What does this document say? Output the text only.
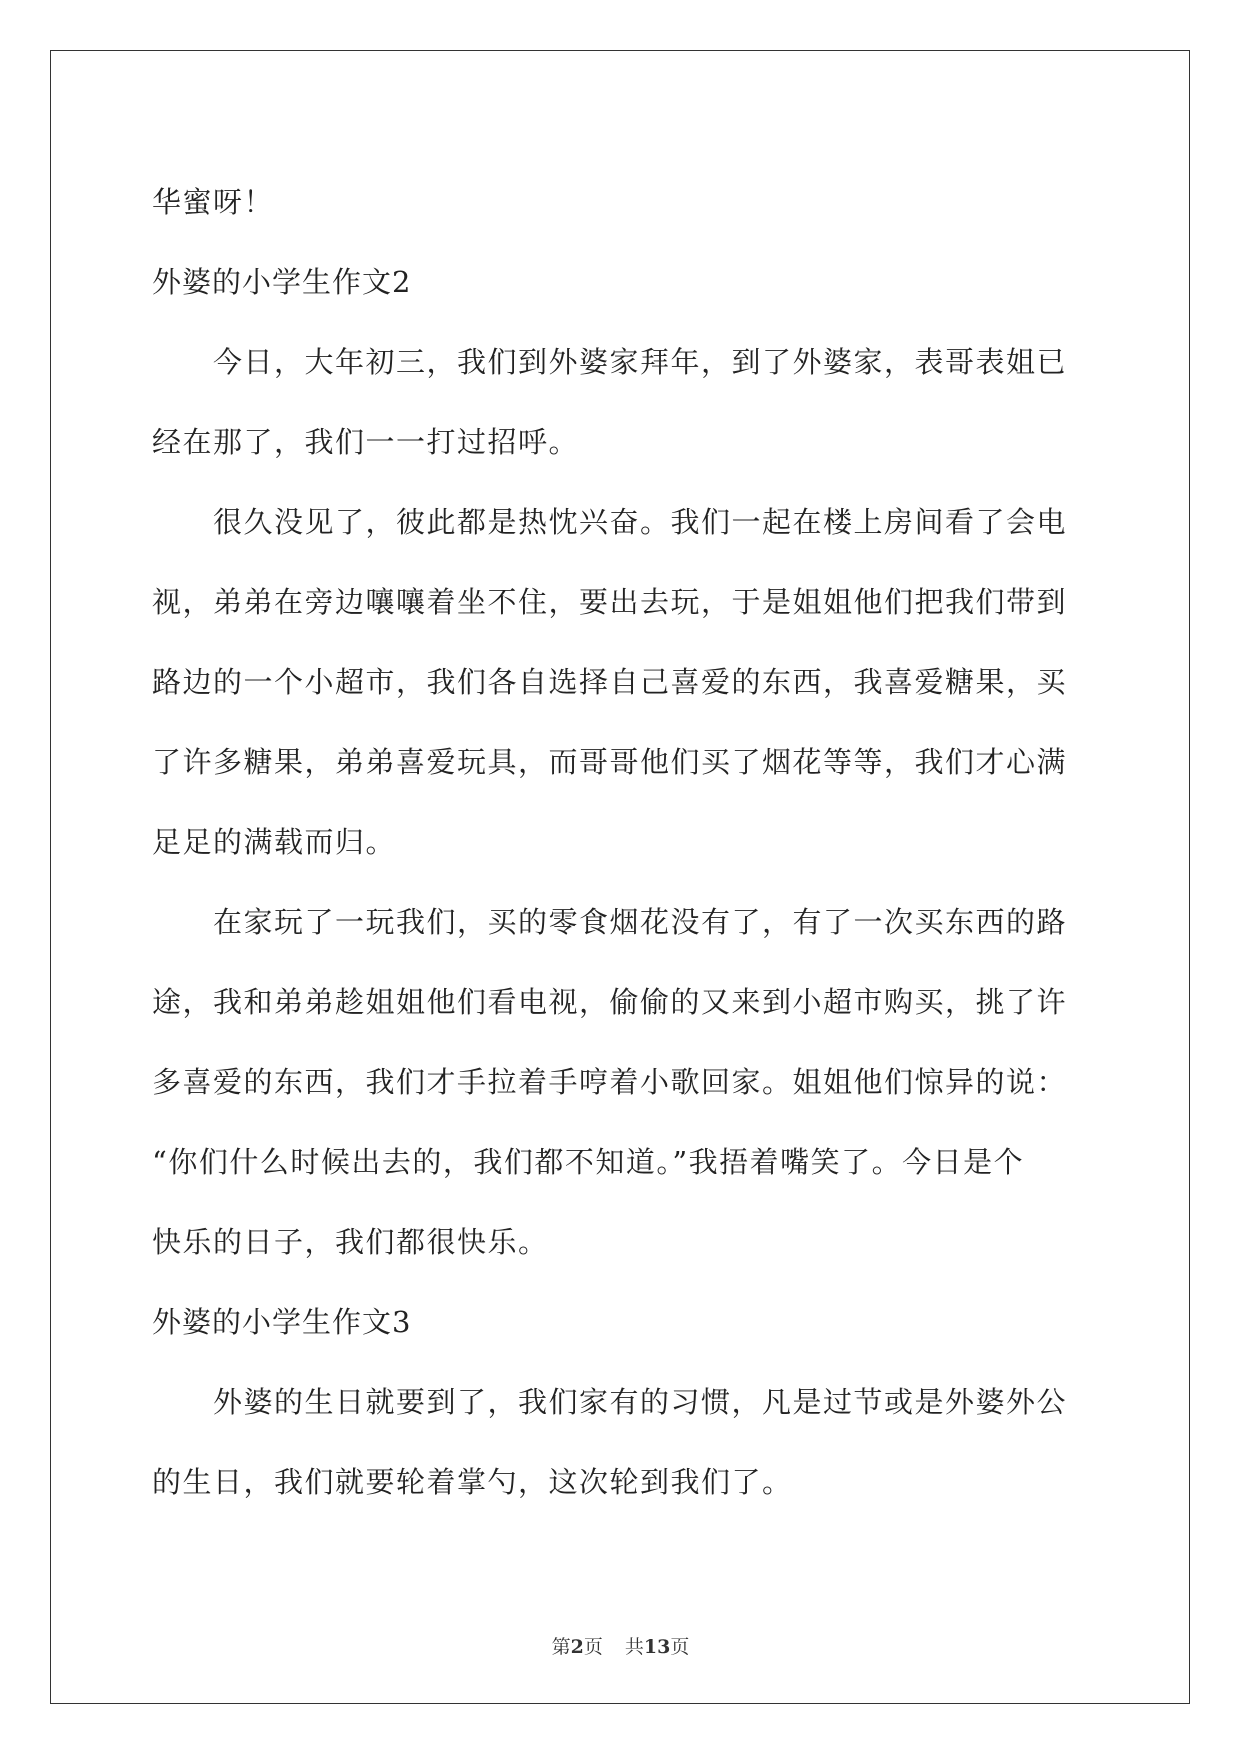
华蜜呀！
外婆的小学生作文2
　　今日，大年初三，我们到外婆家拜年，到了外婆家，表哥表姐已
经在那了，我们一一打过招呼。
　　很久没见了，彼此都是热忱兴奋。我们一起在楼上房间看了会电
视，弟弟在旁边嚷嚷着坐不住，要出去玩，于是姐姐他们把我们带到
路边的一个小超市，我们各自选择自己喜爱的东西，我喜爱糖果，买
了许多糖果，弟弟喜爱玩具，而哥哥他们买了烟花等等，我们才心满
足足的满载而归。
　　在家玩了一玩我们，买的零食烟花没有了，有了一次买东西的路
途，我和弟弟趁姐姐他们看电视，偷偷的又来到小超市购买，挑了许
多喜爱的东西，我们才手拉着手哼着小歌回家。姐姐他们惊异的说：
“你们什么时候出去的，我们都不知道。”我捂着嘴笑了。今日是个
快乐的日子，我们都很快乐。
外婆的小学生作文3
　　外婆的生日就要到了，我们家有的习惯，凡是过节或是外婆外公
的生日，我们就要轮着掌勺，这次轮到我们了。
第2页 共13页
